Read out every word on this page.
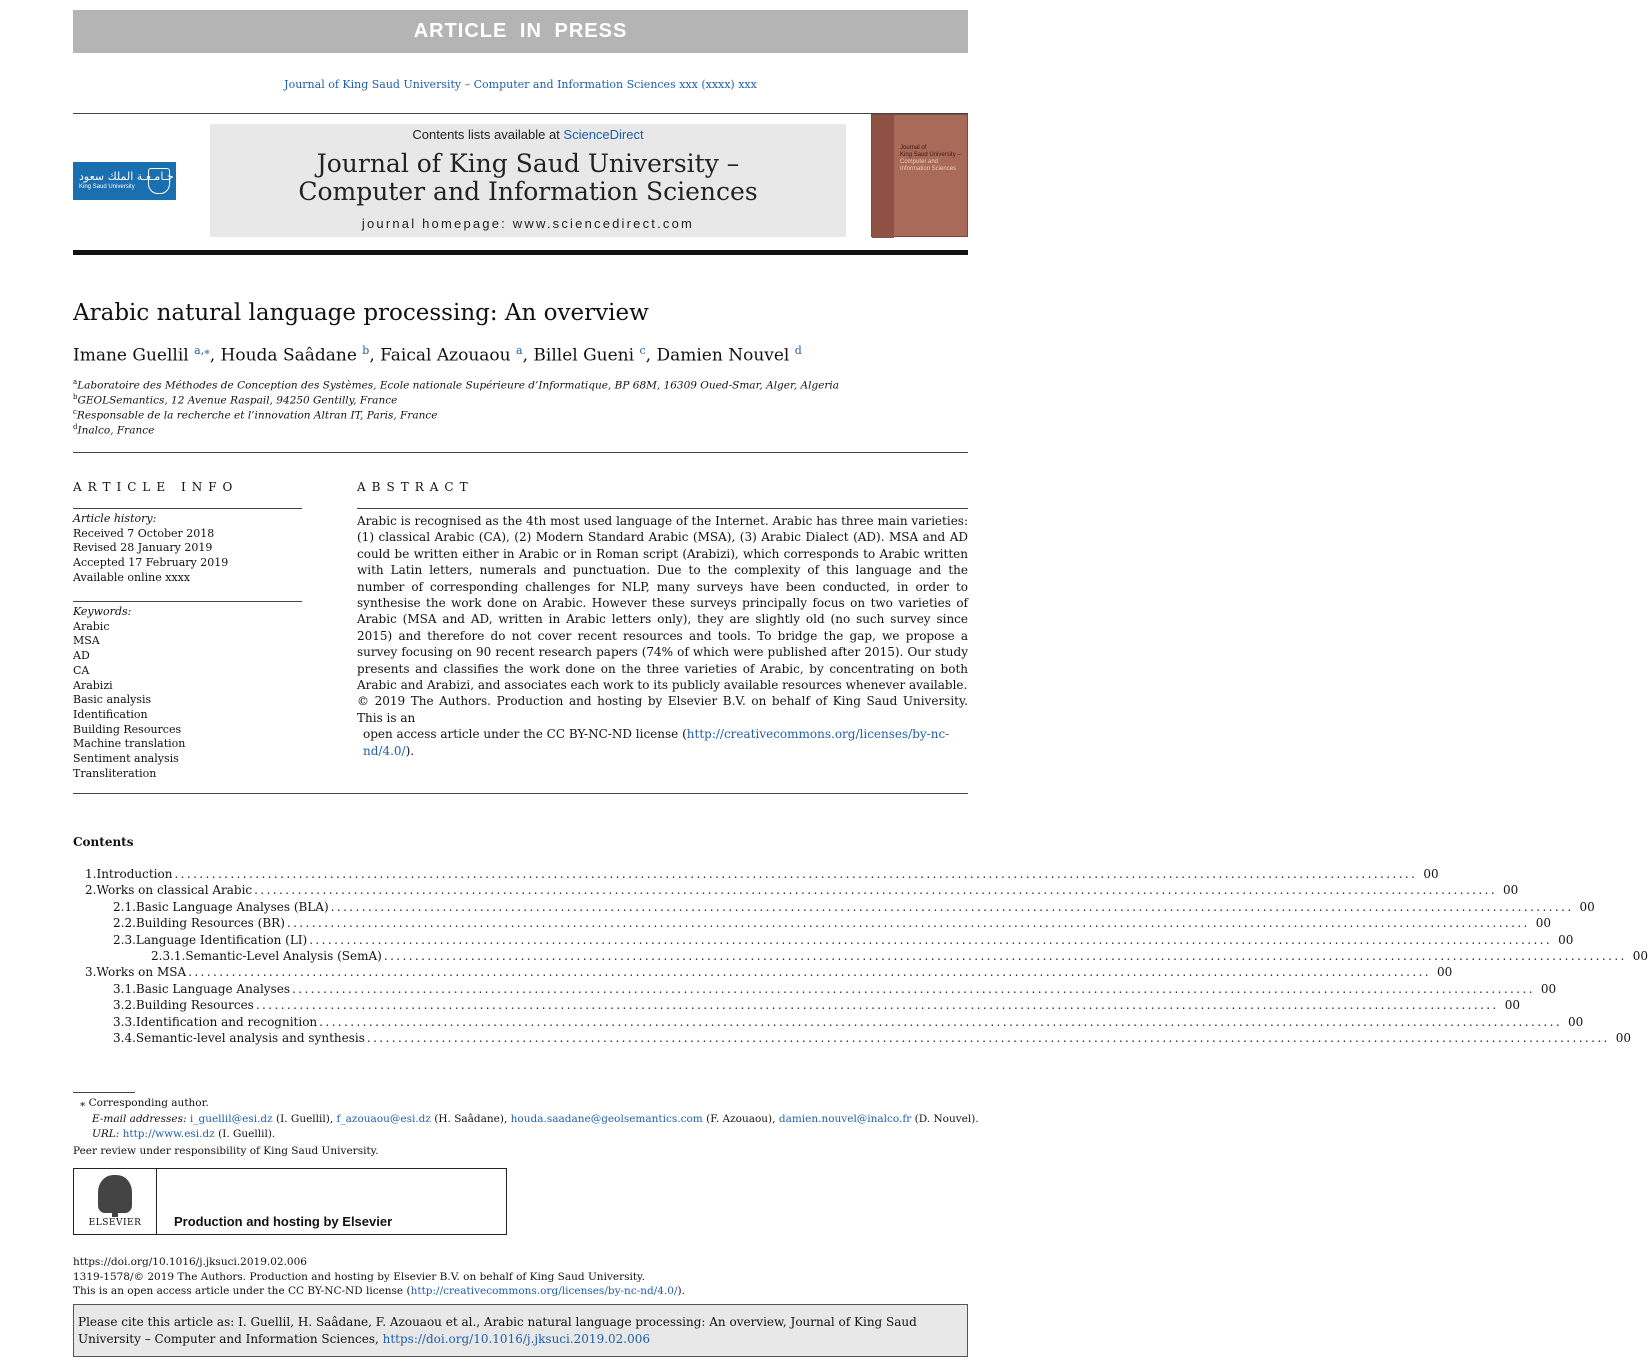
ARTICLE IN PRESS
Journal of King Saud University – Computer and Information Sciences xxx (xxxx) xxx
جـامـعـة الملك سعود
King Saud University
Contents lists available at ScienceDirect
Journal of King Saud University –
Computer and Information Sciences
journal homepage: www.sciencedirect.com
Journal of
King Saud University –
Computer and
Information Sciences
Arabic natural language processing: An overview
Imane Guellil $^{a,⁎}$, Houda Saâdane $^b$, Faical Azouaou $^a$, Billel Gueni $^c$, Damien Nouvel $^d$
$^a$Laboratoire des Méthodes de Conception des Systèmes, Ecole nationale Supérieure d’Informatique, BP 68M, 16309 Oued-Smar, Alger, Algeria
$^b$GEOLSemantics, 12 Avenue Raspail, 94250 Gentilly, France
$^c$Responsable de la recherche et l’innovation Altran IT, Paris, France
$^d$Inalco, France
ARTICLE INFO
Article history:
Received 7 October 2018
Revised 28 January 2019
Accepted 17 February 2019
Available online xxxx
Keywords:
Arabic
MSA
AD
CA
Arabizi
Basic analysis
Identification
Building Resources
Machine translation
Sentiment analysis
Transliteration
ABSTRACT
Arabic is recognised as the 4th most used language of the Internet. Arabic has three main varieties: (1) classical Arabic (CA), (2) Modern Standard Arabic (MSA), (3) Arabic Dialect (AD). MSA and AD could be written either in Arabic or in Roman script (Arabizi), which corresponds to Arabic written with Latin letters, numerals and punctuation. Due to the complexity of this language and the number of corresponding challenges for NLP, many surveys have been conducted, in order to synthesise the work done on Arabic. However these surveys principally focus on two varieties of Arabic (MSA and AD, written in Arabic letters only), they are slightly old (no such survey since 2015) and therefore do not cover recent resources and tools. To bridge the gap, we propose a survey focusing on 90 recent research papers (74% of which were published after 2015). Our study presents and classifies the work done on the three varieties of Arabic, by concentrating on both Arabic and Arabizi, and associates each work to its publicly available resources whenever available.
© 2019 The Authors. Production and hosting by Elsevier B.V. on behalf of King Saud University. This is an
open access article under the CC BY-NC-ND license (http://creativecommons.org/licenses/by-nc-nd/4.0/).
Contents
1. Introduction ........................................................................................................................................................................................................ 00
2. Works on classical Arabic ........................................................................................................................................................................................................ 00
2.1. Basic Language Analyses (BLA) ........................................................................................................................................................................................................ 00
2.2. Building Resources (BR) ........................................................................................................................................................................................................ 00
2.3. Language Identification (LI) ........................................................................................................................................................................................................ 00
2.3.1. Semantic-Level Analysis (SemA) ........................................................................................................................................................................................................ 00
3. Works on MSA ........................................................................................................................................................................................................ 00
3.1. Basic Language Analyses ........................................................................................................................................................................................................ 00
3.2. Building Resources ........................................................................................................................................................................................................ 00
3.3. Identification and recognition ........................................................................................................................................................................................................ 00
3.4. Semantic-level analysis and synthesis ........................................................................................................................................................................................................ 00
⁎ Corresponding author.
E-mail addresses: i_guellil@esi.dz (I. Guellil), f_azouaou@esi.dz (H. Saâdane), houda.saadane@geolsemantics.com (F. Azouaou), damien.nouvel@inalco.fr (D. Nouvel).
URL: http://www.esi.dz (I. Guellil).
Peer review under responsibility of King Saud University.
ELSEVIER	Production and hosting by Elsevier
https://doi.org/10.1016/j.jksuci.2019.02.006
1319-1578/© 2019 The Authors. Production and hosting by Elsevier B.V. on behalf of King Saud University.
This is an open access article under the CC BY-NC-ND license (http://creativecommons.org/licenses/by-nc-nd/4.0/).
Please cite this article as: I. Guellil, H. Saâdane, F. Azouaou et al., Arabic natural language processing: An overview, Journal of King Saud University – Computer and Information Sciences, https://doi.org/10.1016/j.jksuci.2019.02.006
